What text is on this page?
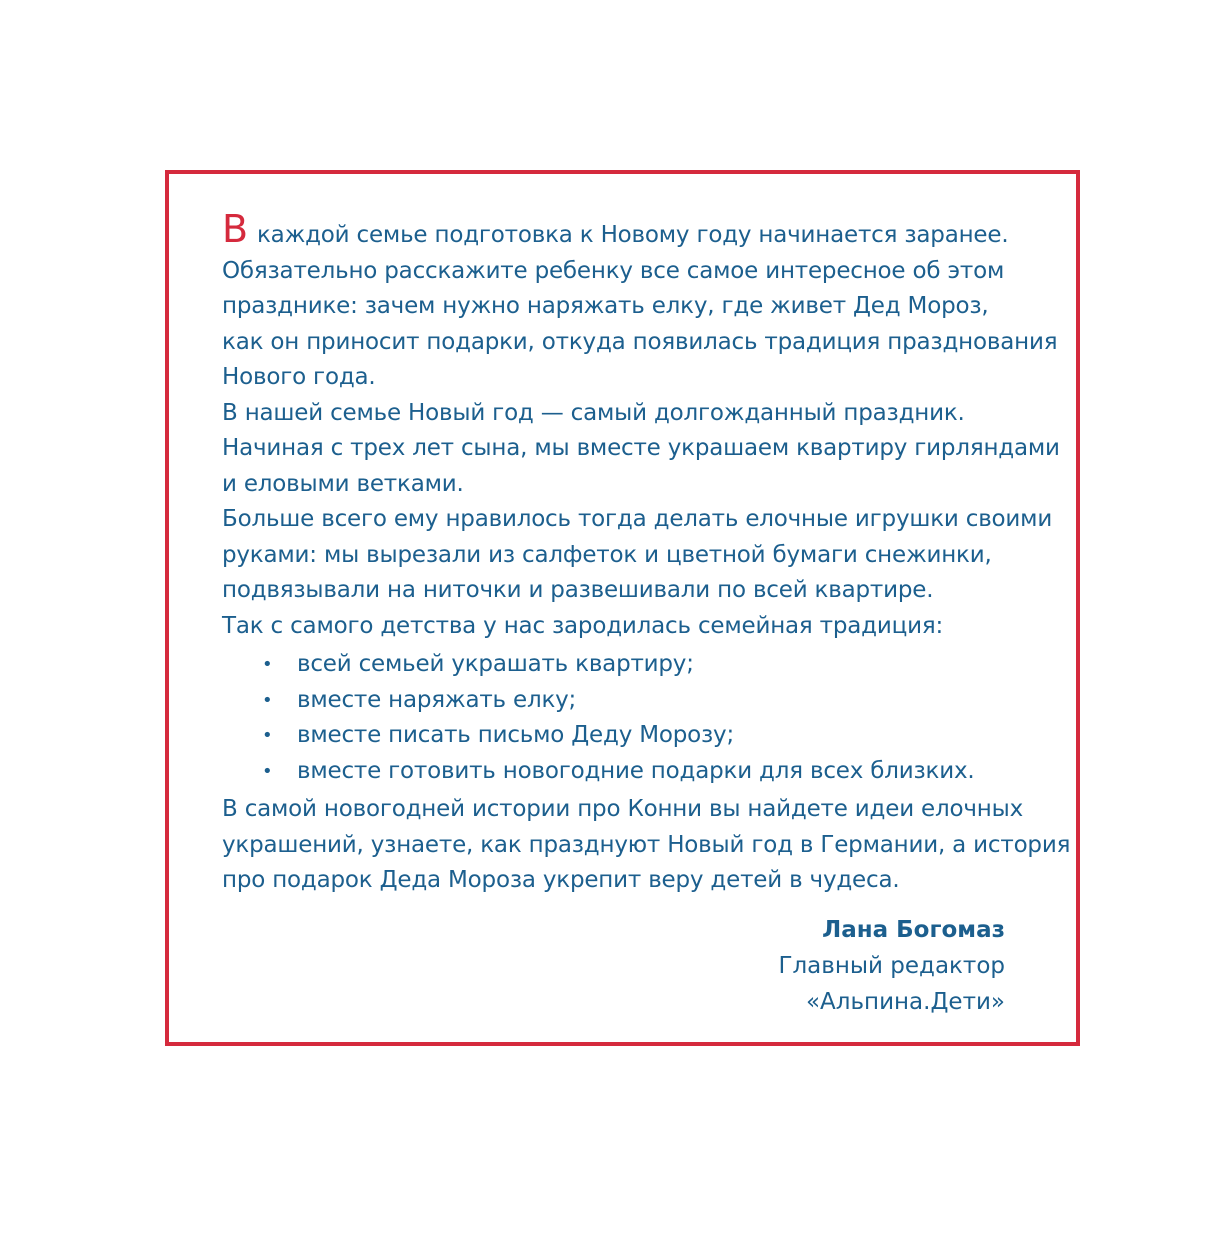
В каждой семье подготовка к Новому году начинается заранее.
Обязательно расскажите ребенку все самое интересное об этом
празднике: зачем нужно наряжать елку, где живет Дед Мороз,
как он приносит подарки, откуда появилась традиция празднования
Нового года.
В нашей семье Новый год — самый долгожданный праздник.
Начиная с трех лет сына, мы вместе украшаем квартиру гирляндами
и еловыми ветками.
Больше всего ему нравилось тогда делать елочные игрушки своими
руками: мы вырезали из салфеток и цветной бумаги снежинки,
подвязывали на ниточки и развешивали по всей квартире.
Так с самого детства у нас зародилась семейная традиция:
• всей семьей украшать квартиру;
• вместе наряжать елку;
• вместе писать письмо Деду Морозу;
• вместе готовить новогодние подарки для всех близких.
В самой новогодней истории про Конни вы найдете идеи елочных
украшений, узнаете, как празднуют Новый год в Германии, а история
про подарок Деда Мороза укрепит веру детей в чудеса.
Лана Богомаз
Главный редактор
«Альпина.Дети»
